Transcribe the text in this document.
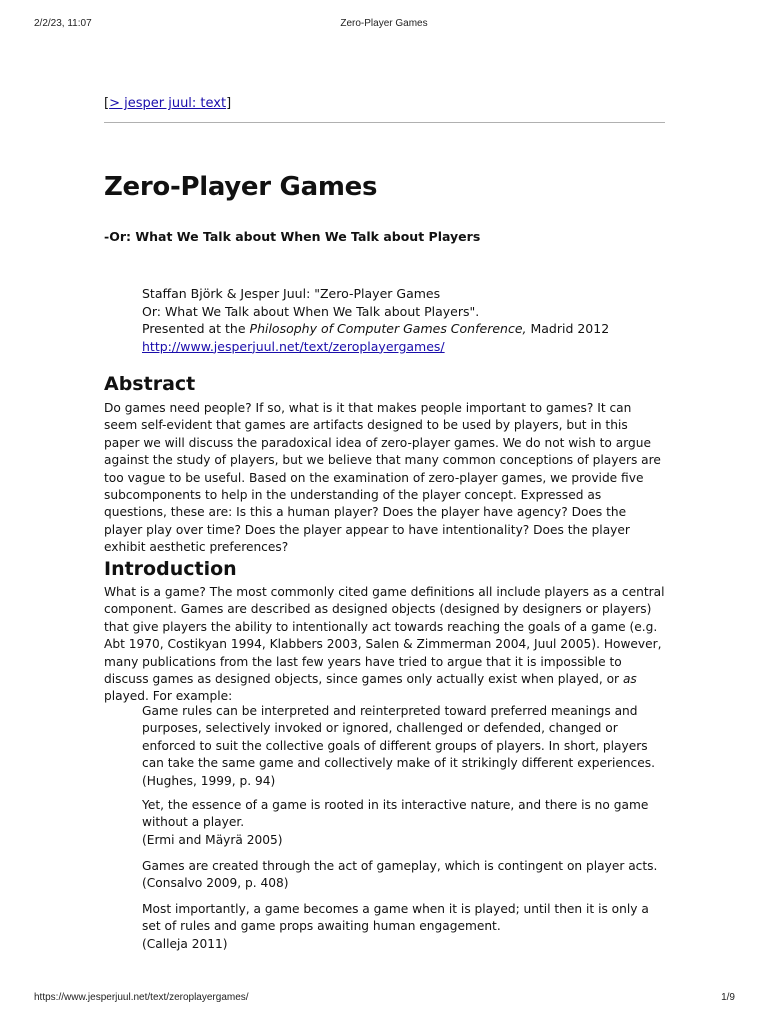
2/2/23, 11:07	Zero-Player Games
[> jesper juul: text]
Zero-Player Games
-Or: What We Talk about When We Talk about Players
Staffan Björk & Jesper Juul: "Zero-Player Games
Or: What We Talk about When We Talk about Players".
Presented at the Philosophy of Computer Games Conference, Madrid 2012
http://www.jesperjuul.net/text/zeroplayergames/
Abstract

Do games need people? If so, what is it that makes people important to games? It can seem self-evident that games are artifacts designed to be used by players, but in this paper we will discuss the paradoxical idea of zero-player games. We do not wish to argue against the study of players, but we believe that many common conceptions of players are too vague to be useful. Based on the examination of zero-player games, we provide five subcomponents to help in the understanding of the player concept. Expressed as questions, these are: Is this a human player? Does the player have agency? Does the player play over time? Does the player appear to have intentionality? Does the player exhibit aesthetic preferences?

Introduction

What is a game? The most commonly cited game definitions all include players as a central component. Games are described as designed objects (designed by designers or players) that give players the ability to intentionally act towards reaching the goals of a game (e.g. Abt 1970, Costikyan 1994, Klabbers 2003, Salen & Zimmerman 2004, Juul 2005). However, many publications from the last few years have tried to argue that it is impossible to discuss games as designed objects, since games only actually exist when played, or as played. For example:

Game rules can be interpreted and reinterpreted toward preferred meanings and purposes, selectively invoked or ignored, challenged or defended, changed or enforced to suit the collective goals of different groups of players. In short, players can take the same game and collectively make of it strikingly different experiences.
(Hughes, 1999, p. 94)
Yet, the essence of a game is rooted in its interactive nature, and there is no game without a player.
(Ermi and Mäyrä 2005)
Games are created through the act of gameplay, which is contingent on player acts.
(Consalvo 2009, p. 408)
Most importantly, a game becomes a game when it is played; until then it is only a set of rules and game props awaiting human engagement.
(Calleja 2011)
https://www.jesperjuul.net/text/zeroplayergames/	1/9
